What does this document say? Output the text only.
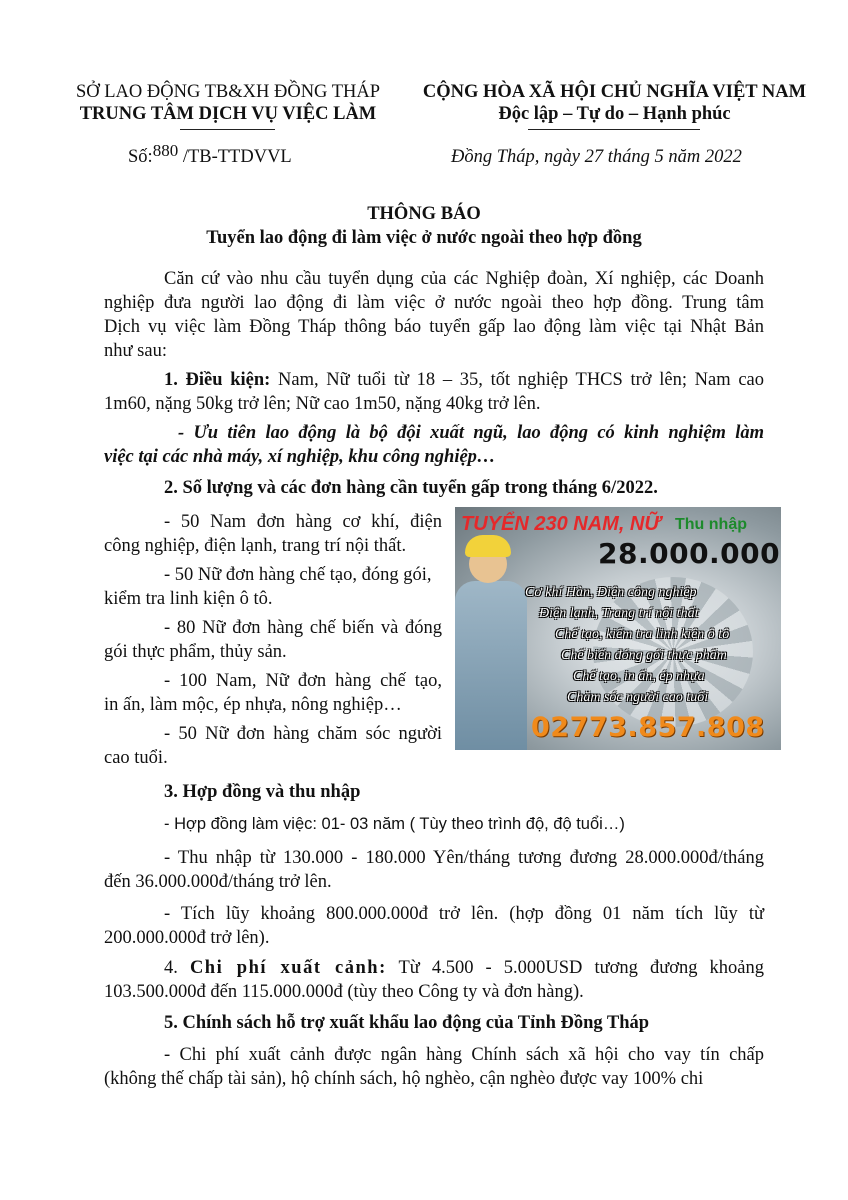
SỞ LAO ĐỘNG TB&XH ĐỒNG THÁP
TRUNG TÂM DỊCH VỤ VIỆC LÀM
CỘNG HÒA XÃ HỘI CHỦ NGHĨA VIỆT NAM
Độc lập – Tự do – Hạnh phúc
Số:880 /TB-TTDVVL	Đồng Tháp, ngày 27 tháng 5 năm 2022
THÔNG BÁO
Tuyển lao động đi làm việc ở nước ngoài theo hợp đồng
Căn cứ vào nhu cầu tuyển dụng của các Nghiệp đoàn, Xí nghiệp, các Doanh
nghiệp đưa người lao động đi làm việc ở nước ngoài theo hợp đồng. Trung tâm
Dịch vụ việc làm Đồng Tháp thông báo tuyển gấp lao động làm việc tại Nhật Bản
như sau:
1. Điều kiện: Nam, Nữ tuổi từ 18 – 35, tốt nghiệp THCS trở lên; Nam cao
1m60, nặng 50kg trở lên; Nữ cao 1m50, nặng 40kg trở lên.
- Ưu tiên lao động là bộ đội xuất ngũ, lao động có kinh nghiệm làm
việc tại các nhà máy, xí nghiệp, khu công nghiệp…
2. Số lượng và các đơn hàng cần tuyển gấp trong tháng 6/2022.
- 50 Nam đơn hàng cơ khí, điện
công nghiệp, điện lạnh, trang trí nội thất.
- 50 Nữ đơn hàng chế tạo, đóng gói,
kiểm tra linh kiện ô tô.
- 80 Nữ đơn hàng chế biến và đóng
gói thực phẩm, thủy sản.
- 100 Nam, Nữ đơn hàng chế tạo,
in ấn, làm mộc, ép nhựa, nông nghiệp…
- 50 Nữ đơn hàng chăm sóc người
cao tuổi.
TUYỂN 230 NAM, NỮ Thu nhập
28.000.000
Cơ khí Hàn, Điện công nghiệp
Điện lạnh, Trang trí nội thất
Chế tạo, kiểm tra linh kiện ô tô
Chế biến đóng gói thực phẩm
Chế tạo, in ấn, ép nhựa
Chăm sóc người cao tuổi
02773.857.808
3. Hợp đồng và thu nhập
- Hợp đồng làm việc: 01- 03 năm ( Tùy theo trình độ, độ tuổi…)
- Thu nhập từ 130.000 - 180.000 Yên/tháng tương đương 28.000.000đ/tháng
đến 36.000.000đ/tháng trở lên.
- Tích lũy khoảng 800.000.000đ trở lên. (hợp đồng 01 năm tích lũy từ
200.000.000đ trở lên).
4. Chi phí xuất cảnh: Từ 4.500 - 5.000USD tương đương khoảng
103.500.000đ đến 115.000.000đ (tùy theo Công ty và đơn hàng).
5. Chính sách hỗ trợ xuất khẩu lao động của Tỉnh Đồng Tháp
- Chi phí xuất cảnh được ngân hàng Chính sách xã hội cho vay tín chấp
(không thế chấp tài sản), hộ chính sách, hộ nghèo, cận nghèo được vay 100% chi
